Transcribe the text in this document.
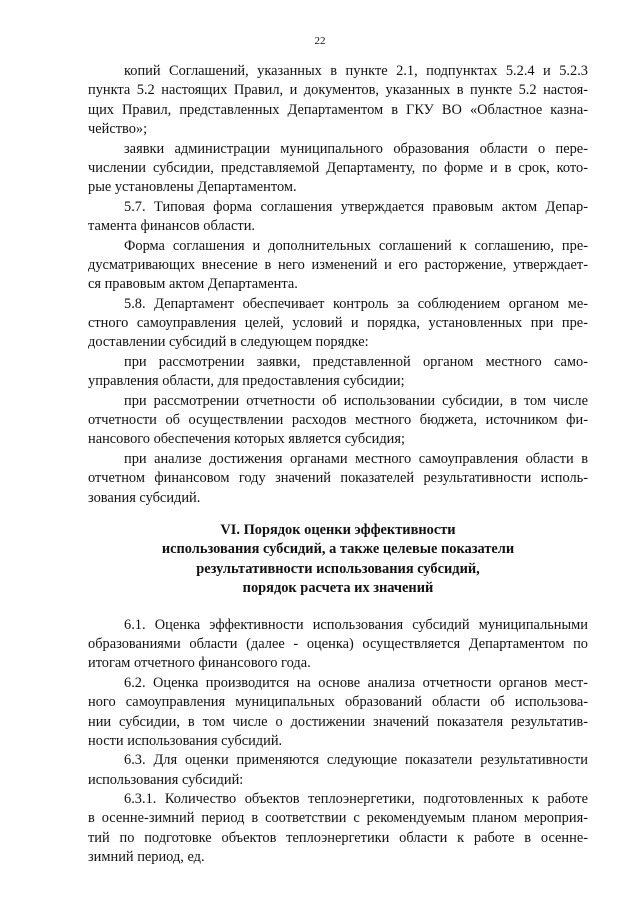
22
копий Соглашений, указанных в пункте 2.1, подпунктах 5.2.4 и 5.2.3
пункта 5.2 настоящих Правил, и документов, указанных в пункте 5.2 настоя-
щих Правил, представленных Департаментом в ГКУ ВО «Областное казна-
чейство»;
заявки администрации муниципального образования области о пере-
числении субсидии, представляемой Департаменту, по форме и в срок, кото-
рые установлены Департаментом.
5.7. Типовая форма соглашения утверждается правовым актом Депар-
тамента финансов области.
Форма соглашения и дополнительных соглашений к соглашению, пре-
дусматривающих внесение в него изменений и его расторжение, утверждает-
ся правовым актом Департамента.
5.8. Департамент обеспечивает контроль за соблюдением органом ме-
стного самоуправления целей, условий и порядка, установленных при пре-
доставлении субсидий в следующем порядке:
при рассмотрении заявки, представленной органом местного само-
управления области, для предоставления субсидии;
при рассмотрении отчетности об использовании субсидии, в том числе
отчетности об осуществлении расходов местного бюджета, источником фи-
нансового обеспечения которых является субсидия;
при анализе достижения органами местного самоуправления области в
отчетном финансовом году значений показателей результативности исполь-
зования субсидий.
VI. Порядок оценки эффективности
использования субсидий, а также целевые показатели
результативности использования субсидий,
порядок расчета их значений
6.1. Оценка эффективности использования субсидий муниципальными
образованиями области (далее - оценка) осуществляется Департаментом по
итогам отчетного финансового года.
6.2. Оценка производится на основе анализа отчетности органов мест-
ного самоуправления муниципальных образований области об использова-
нии субсидии, в том числе о достижении значений показателя результатив-
ности использования субсидий.
6.3. Для оценки применяются следующие показатели результативности
использования субсидий:
6.3.1. Количество объектов теплоэнергетики, подготовленных к работе
в осенне-зимний период в соответствии с рекомендуемым планом мероприя-
тий по подготовке объектов теплоэнергетики области к работе в осенне-
зимний период, ед.
